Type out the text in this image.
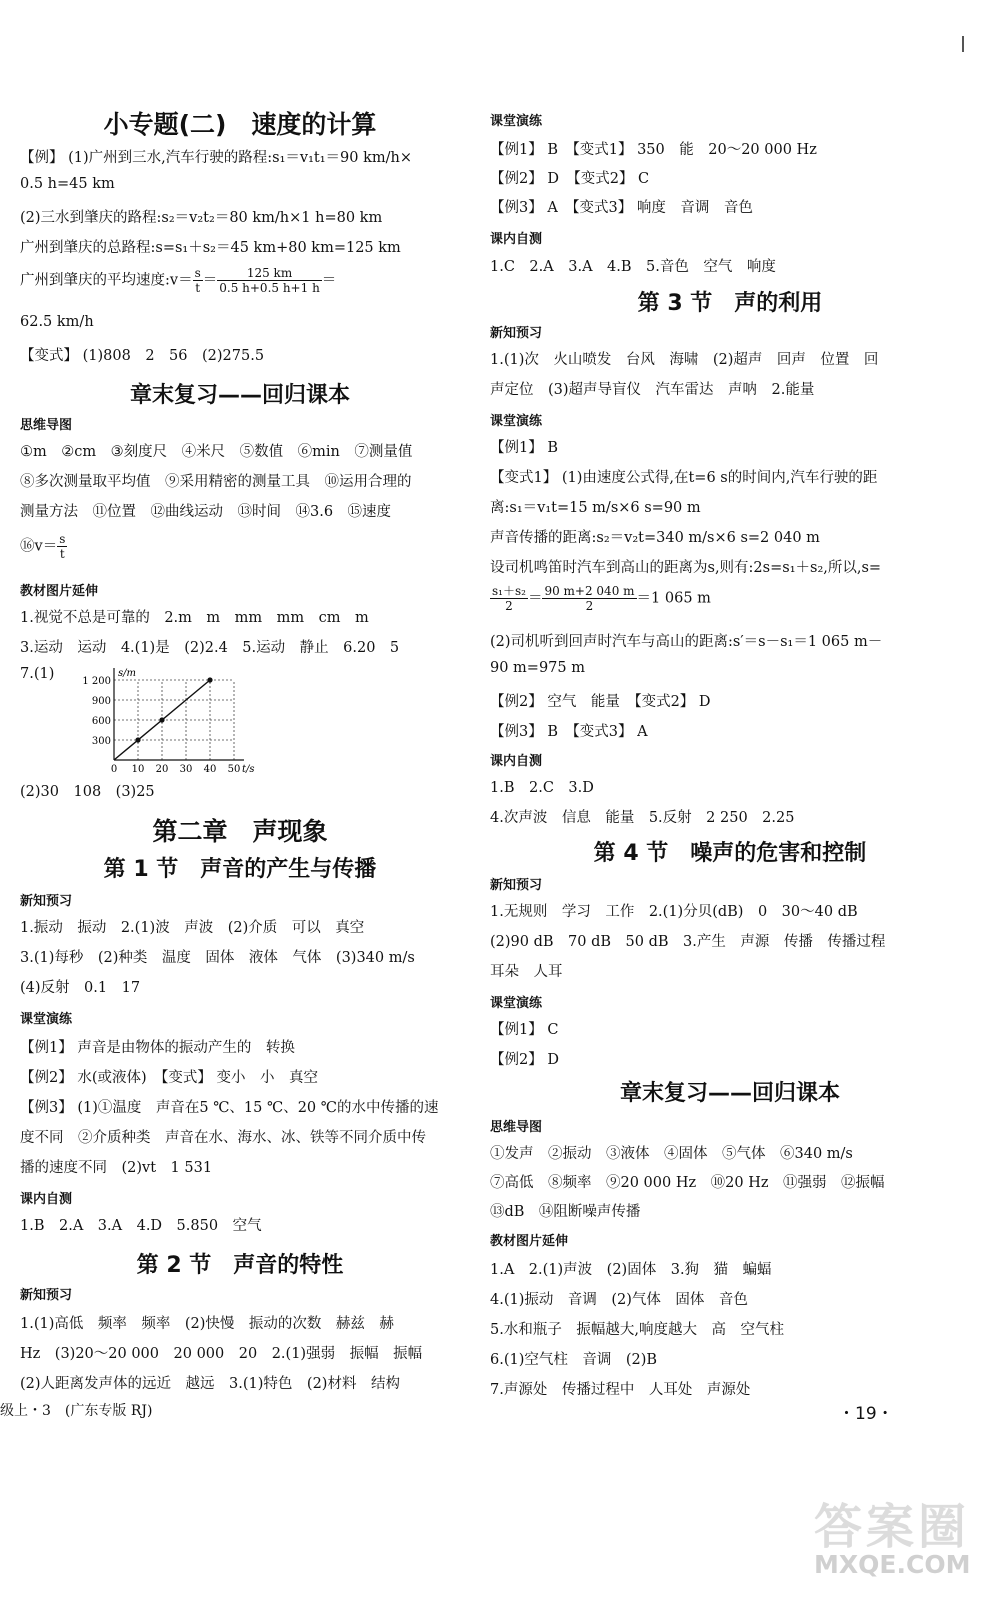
小专题(二)　速度的计算
【例】 (1)广州到三水,汽车行驶的路程:s₁＝v₁t₁＝90 km/h×
0.5 h=45 km
(2)三水到肇庆的路程:s₂＝v₂t₂＝80 km/h×1 h=80 km
广州到肇庆的总路程:s=s₁＋s₂＝45 km+80 km=125 km
广州到肇庆的平均速度:v＝ $\frac{s}{t} = \frac{125 km}{0.5 h+0.5 h+1 h}$ ＝
62.5 km/h
【变式】 (1)808　2　56　(2)275.5
章末复习——回归课本
思维导图
①m　②cm　③刻度尺　④米尺　⑤数值　⑥min　⑦测量值
⑧多次测量取平均值　⑨采用精密的测量工具　⑩运用合理的
测量方法　⑪位置　⑫曲线运动　⑬时间　⑭3.6　⑮速度
⑯v＝ $\frac{s}{t}$
教材图片延伸
1.视觉不总是可靠的　2.m　m　mm　mm　cm　m
3.运动　运动　4.(1)是　(2)2.4　5.运动　静止　6.20　5
7.(1)
t/s
s/m
0 10 20 30 40 50
300
600
900
1 200
(2)30　108　(3)25
第二章　声现象
第 1 节　声音的产生与传播
新知预习
1.振动　振动　2.(1)波　声波　(2)介质　可以　真空
3.(1)每秒　(2)种类　温度　固体　液体　气体　(3)340 m/s
(4)反射　0.1　17
课堂演练
【例1】 声音是由物体的振动产生的　转换
【例2】 水(或液体)　【变式】 变小　小　真空
【例3】 (1)①温度　声音在5 ℃、15 ℃、20 ℃的水中传播的速
度不同　②介质种类　声音在水、海水、冰、铁等不同介质中传
播的速度不同　(2)vt　1 531
课内自测
1.B　2.A　3.A　4.D　5.850　空气
第 2 节　声音的特性
新知预习
1.(1)高低　频率　频率　(2)快慢　振动的次数　赫兹　赫
Hz　(3)20～20 000　20 000　20　2.(1)强弱　振幅　振幅
(2)人距离发声体的远近　越远　3.(1)特色　(2)材料　结构
级上・3　(广东专版 RJ)
课堂演练
【例1】 B　【变式1】 350　能　20～20 000 Hz
【例2】 D　【变式2】 C
【例3】 A　【变式3】 响度　音调　音色
课内自测
1.C　2.A　3.A　4.B　5.音色　空气　响度
第 3 节　声的利用
新知预习
1.(1)次　火山喷发　台风　海啸　(2)超声　回声　位置　回
声定位　(3)超声导盲仪　汽车雷达　声呐　2.能量
课堂演练
【例1】 B
【变式1】 (1)由速度公式得,在t=6 s的时间内,汽车行驶的距
离:s₁＝v₁t=15 m/s×6 s=90 m
声音传播的距离:s₂＝v₂t=340 m/s×6 s=2 040 m
设司机鸣笛时汽车到高山的距离为s,则有:2s=s₁＋s₂,所以,s=
$\frac{\text{s₁＋s₂}}{2} = \frac{90 m+2 040 m}{2} =1$ 065 m
(2)司机听到回声时汽车与高山的距离:s′＝s－s₁＝1 065 m－
90 m=975 m
【例2】 空气　能量　【变式2】 D
【例3】 B　【变式3】 A
课内自测
1.B　2.C　3.D
4.次声波　信息　能量　5.反射　2 250　2.25
第 4 节　噪声的危害和控制
新知预习
1.无规则　学习　工作　2.(1)分贝(dB)　0　30～40 dB
(2)90 dB　70 dB　50 dB　3.产生　声源　传播　传播过程
耳朵　人耳
课堂演练
【例1】 C
【例2】 D
章末复习——回归课本
思维导图
①发声　②振动　③液体　④固体　⑤气体　⑥340 m/s
⑦高低　⑧频率　⑨20 000 Hz　⑩20 Hz　⑪强弱　⑫振幅
⑬dB　⑭阻断噪声传播
教材图片延伸
1.A　2.(1)声波　(2)固体　3.狗　猫　蝙蝠
4.(1)振动　音调　(2)气体　固体　音色
5.水和瓶子　振幅越大,响度越大　高　空气柱
6.(1)空气柱　音调　(2)B
7.声源处　传播过程中　人耳处　声源处
・19・
答案圈
MXQE.COM
